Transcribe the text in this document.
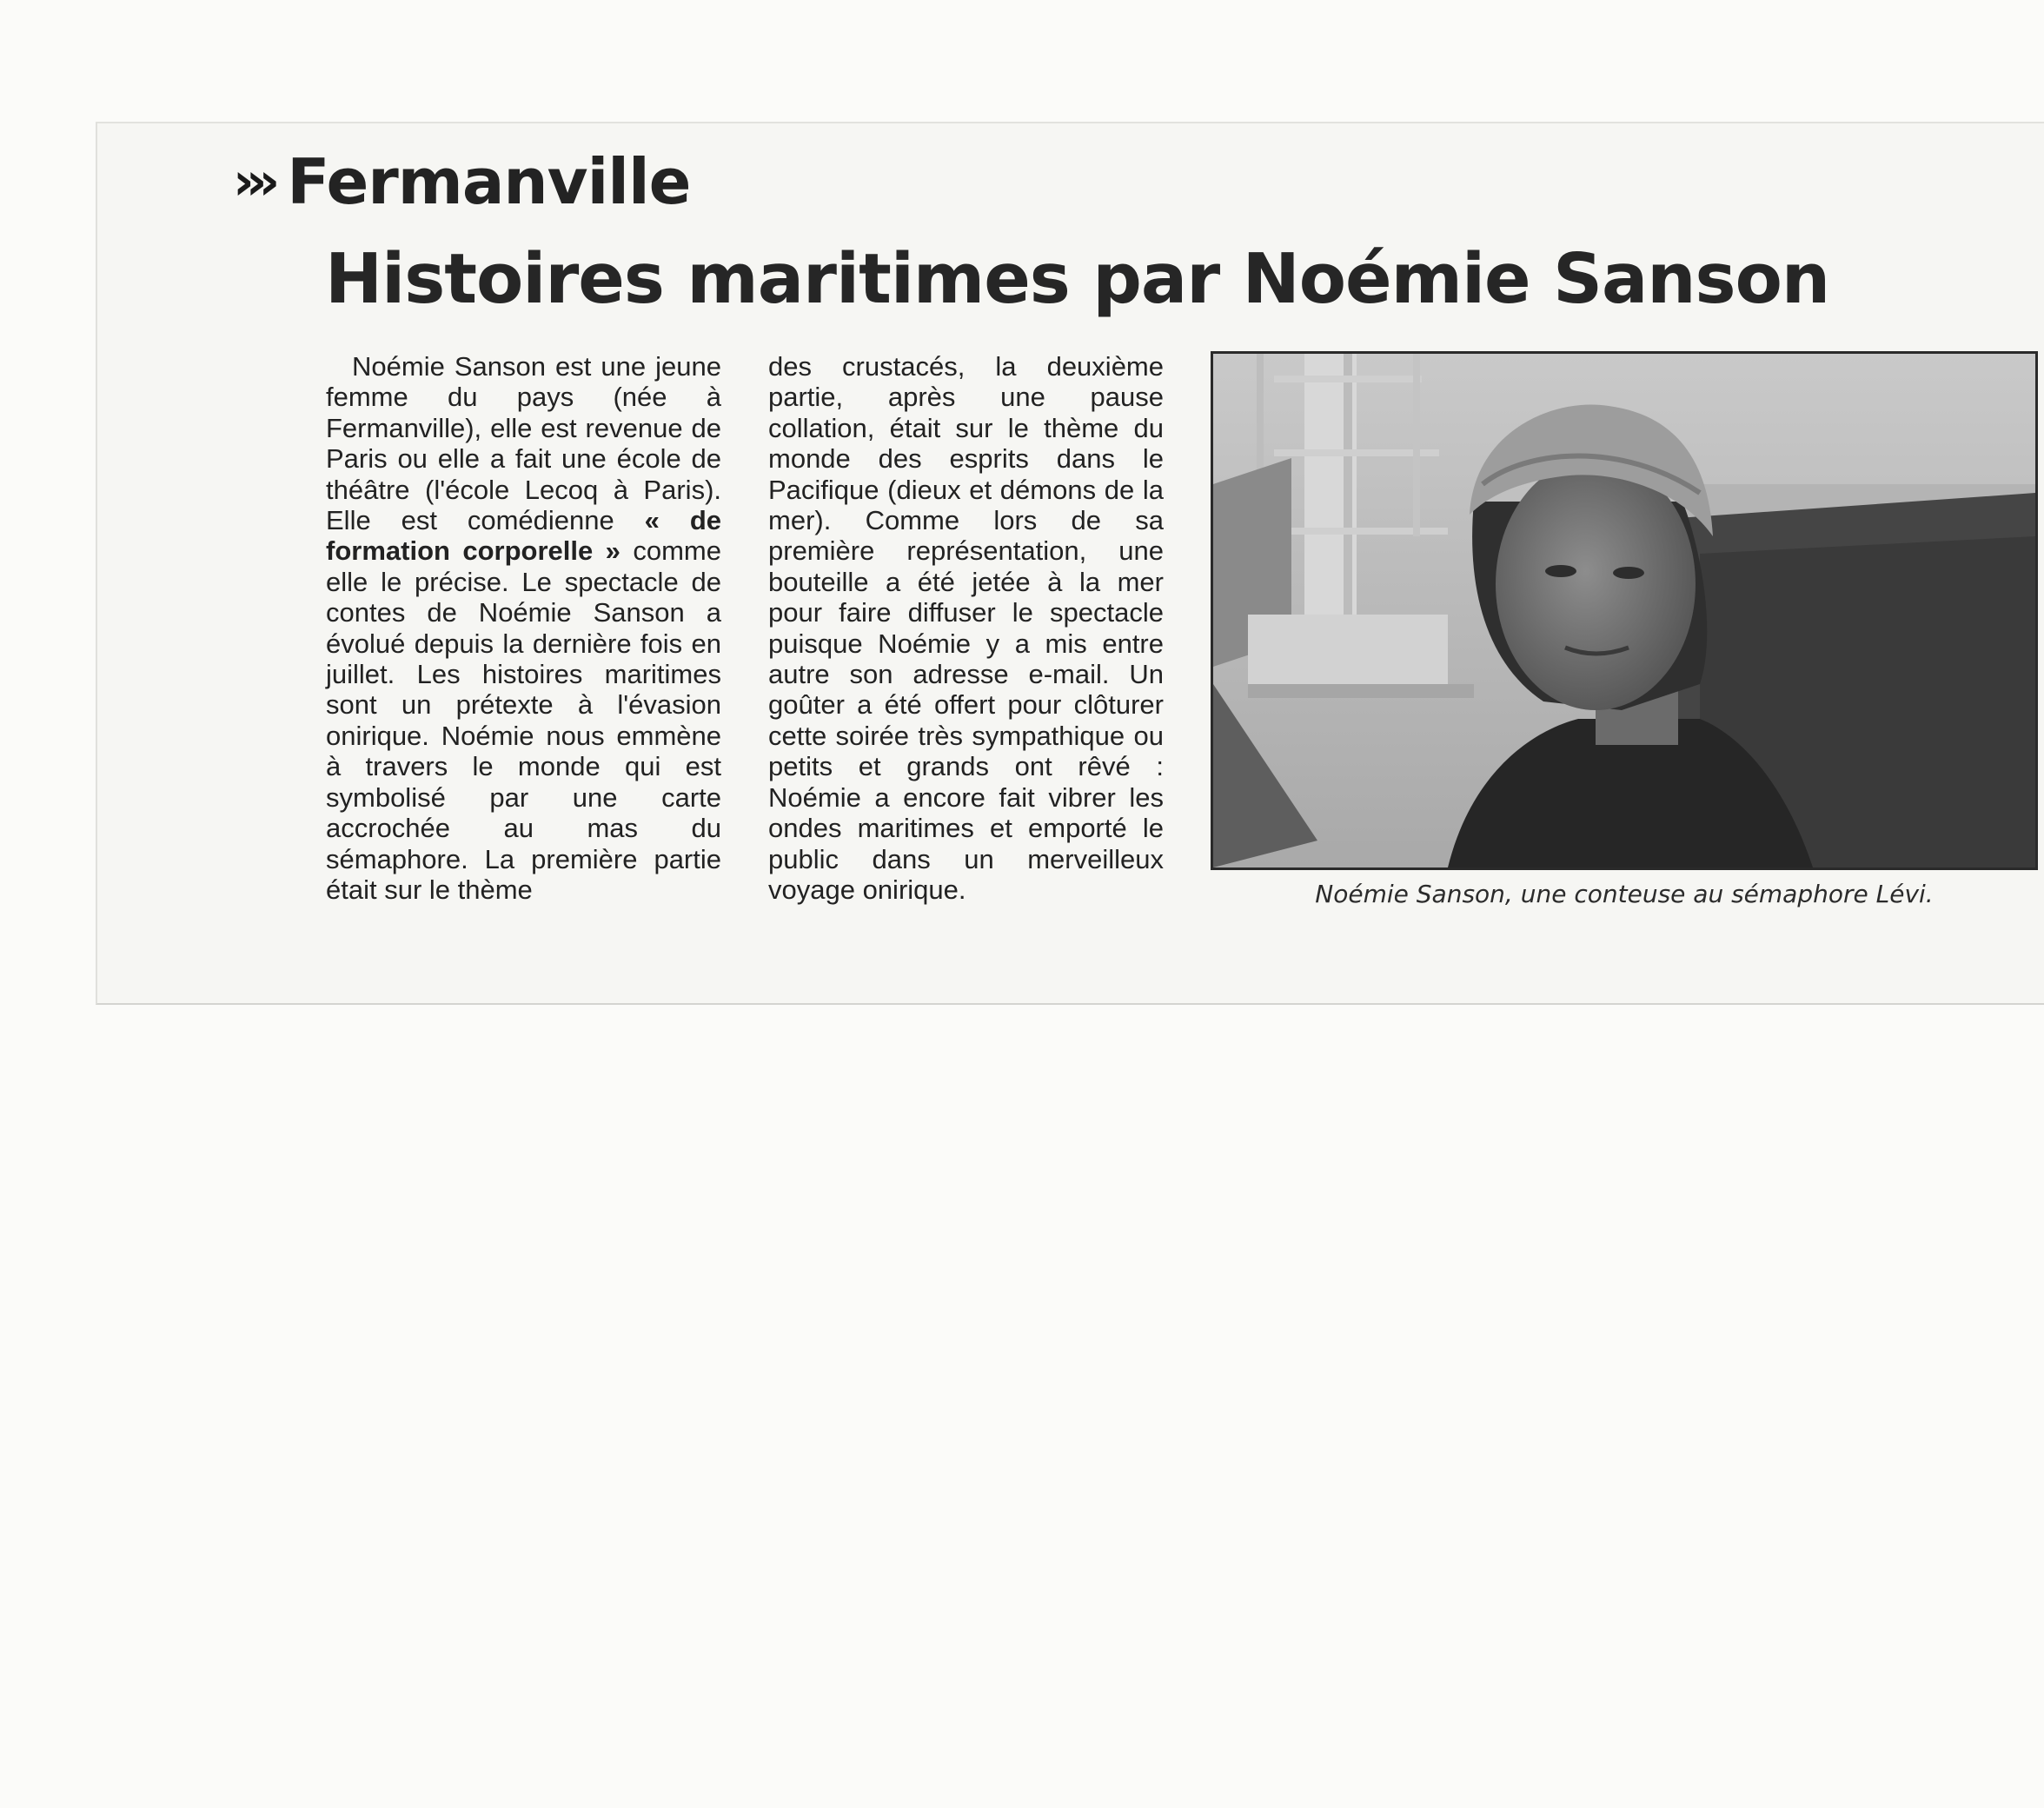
››› Fermanville
Histoires maritimes par Noémie Sanson

Noémie Sanson est une jeune femme du pays (née à Fermanville), elle est revenue de Paris ou elle a fait une école de théâtre (l'école Lecoq à Paris). Elle est comédienne « de formation corporelle » comme elle le précise. Le spectacle de contes de Noémie Sanson a évolué depuis la dernière fois en juillet. Les histoires maritimes sont un prétexte à l'évasion onirique. Noémie nous emmène à travers le monde qui est symbolisé par une carte accrochée au mas du sémaphore. La première partie était sur le thème

des crustacés, la deuxième partie, après une pause collation, était sur le thème du monde des esprits dans le Pacifique (dieux et démons de la mer). Comme lors de sa première représentation, une bouteille a été jetée à la mer pour faire diffuser le spectacle puisque Noémie y a mis entre autre son adresse e-mail. Un goûter a été offert pour clôturer cette soirée très sympathique ou petits et grands ont rêvé : Noémie a encore fait vibrer les ondes maritimes et emporté le public dans un merveilleux voyage onirique.	Noémie Sanson, une conteuse au sémaphore Lévi.
